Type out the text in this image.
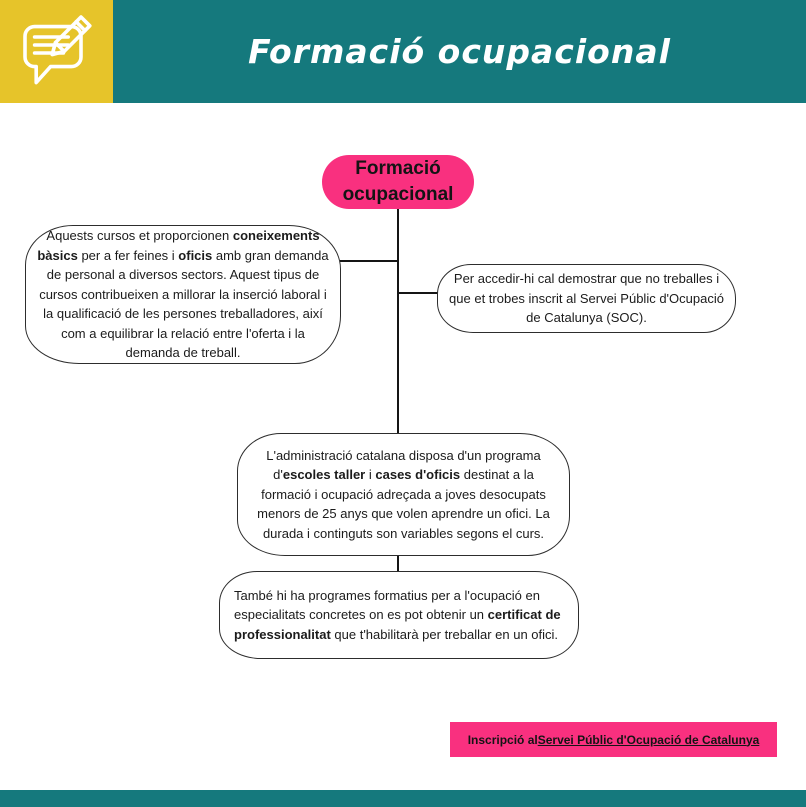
Formació ocupacional
Formació ocupacional
Aquests cursos et proporcionen coneixements bàsics per a fer feines i oficis amb gran demanda de personal a diversos sectors. Aquest tipus de cursos contribueixen a millorar la inserció laboral i la qualificació de les persones treballadores, així com a equilibrar la relació entre l'oferta i la demanda de treball.
Per accedir-hi cal demostrar que no treballes i que et trobes inscrit al Servei Públic d'Ocupació de Catalunya (SOC).
L'administració catalana disposa d'un programa d'escoles taller i cases d'oficis destinat a la formació i ocupació adreçada a joves desocupats menors de 25 anys que volen aprendre un ofici. La durada i continguts son variables segons el curs.
També hi ha programes formatius per a l'ocupació en especialitats concretes on es pot obtenir un certificat de professionalitat que t'habilitarà per treballar en un ofici.
Inscripció al Servei Públic d'Ocupació de Catalunya
